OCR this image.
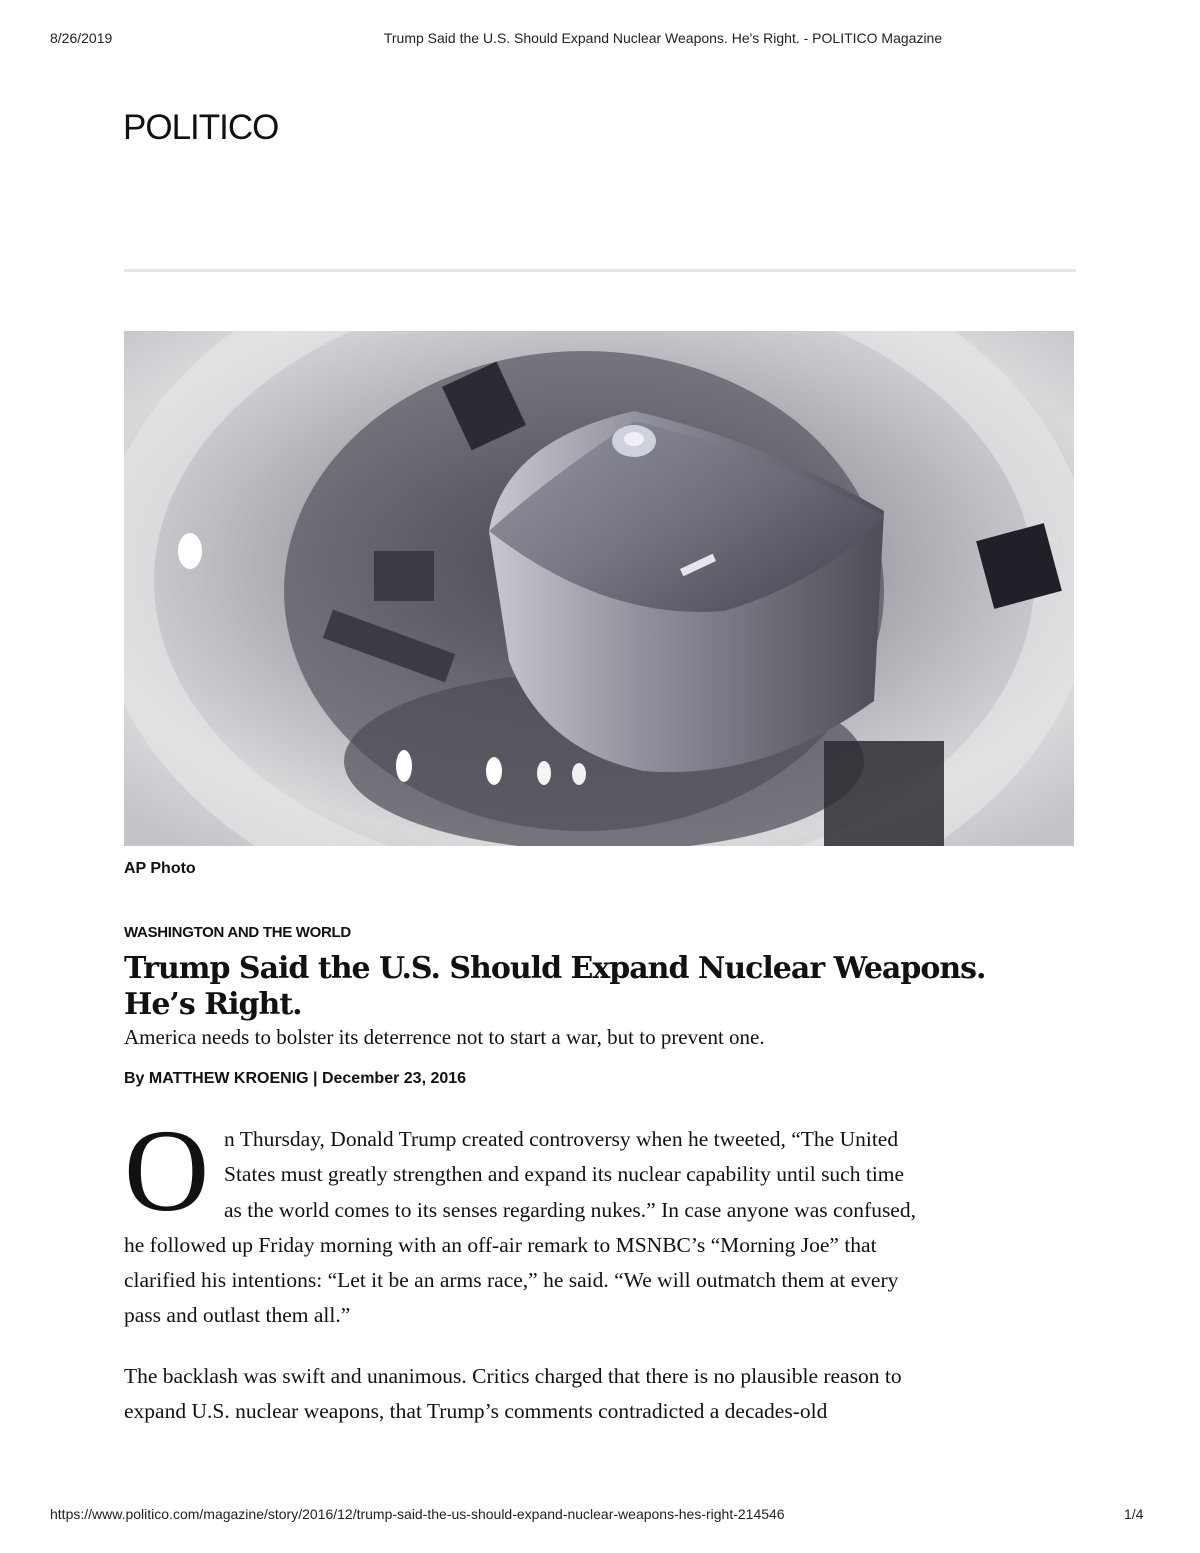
8/26/2019	Trump Said the U.S. Should Expand Nuclear Weapons. He's Right. - POLITICO Magazine
POLITICO
AP Photo
WASHINGTON AND THE WORLD
Trump Said the U.S. Should Expand Nuclear Weapons.
He’s Right.
America needs to bolster its deterrence not to start a war, but to prevent one.
By MATTHEW KROENIG | December 23, 2016
O n Thursday, Donald Trump created controversy when he tweeted, “The United
States must greatly strengthen and expand its nuclear capability until such time
as the world comes to its senses regarding nukes.” In case anyone was confused,
he followed up Friday morning with an off-air remark to MSNBC’s “Morning Joe” that
clarified his intentions: “Let it be an arms race,” he said. “We will outmatch them at every
pass and outlast them all.”
The backlash was swift and unanimous. Critics charged that there is no plausible reason to
expand U.S. nuclear weapons, that Trump’s comments contradicted a decades-old
https://www.politico.com/magazine/story/2016/12/trump-said-the-us-should-expand-nuclear-weapons-hes-right-214546	1/4
